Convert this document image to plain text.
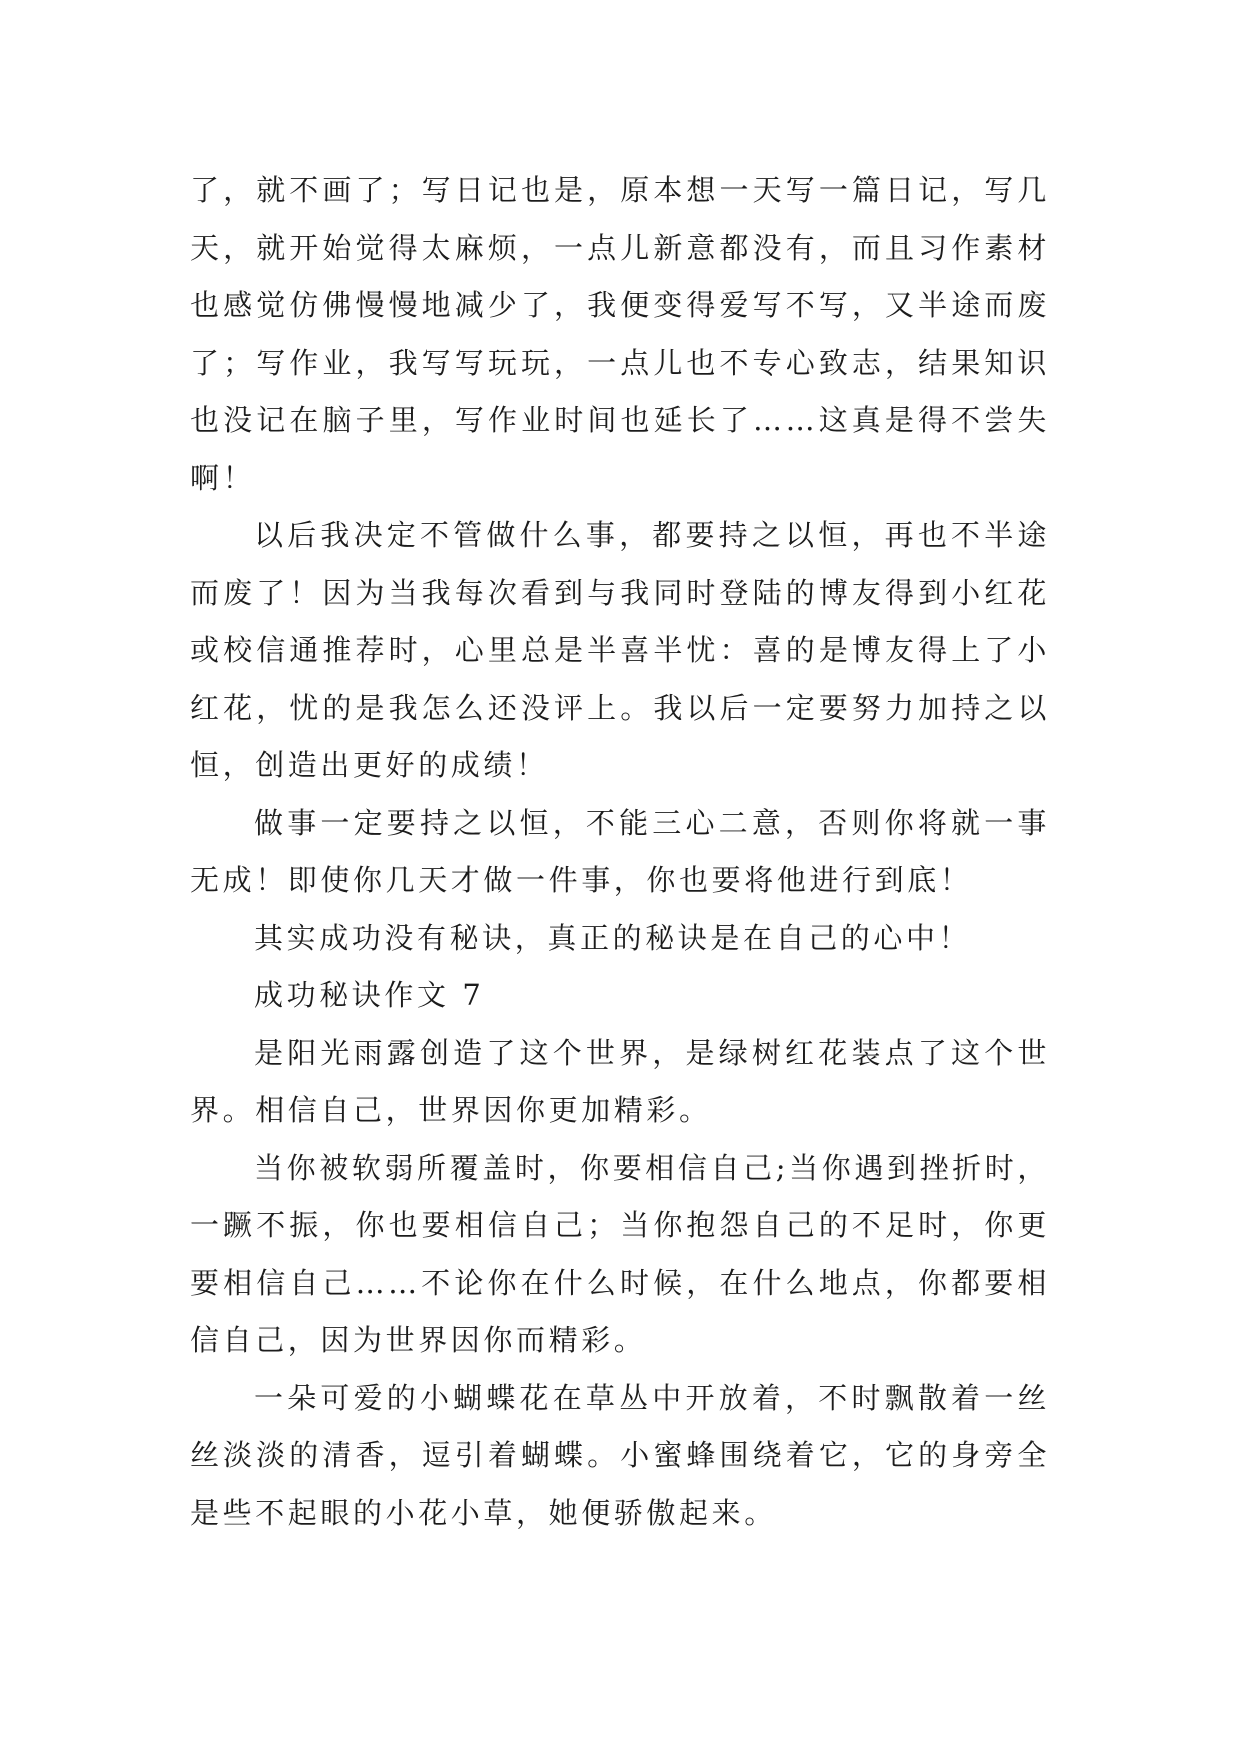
了，就不画了；写日记也是，原本想一天写一篇日记，写几天，就开始觉得太麻烦，一点儿新意都没有，而且习作素材也感觉仿佛慢慢地减少了，我便变得爱写不写，又半途而废了；写作业，我写写玩玩，一点儿也不专心致志，结果知识也没记在脑子里，写作业时间也延长了……这真是得不尝失啊！

以后我决定不管做什么事，都要持之以恒，再也不半途而废了！因为当我每次看到与我同时登陆的博友得到小红花或校信通推荐时，心里总是半喜半忧：喜的是博友得上了小红花，忧的是我怎么还没评上。我以后一定要努力加持之以恒，创造出更好的成绩！

做事一定要持之以恒，不能三心二意，否则你将就一事无成！即使你几天才做一件事，你也要将他进行到底！

其实成功没有秘诀，真正的秘诀是在自己的心中！

成功秘诀作文 7

是阳光雨露创造了这个世界，是绿树红花装点了这个世界。相信自己，世界因你更加精彩。

当你被软弱所覆盖时，你要相信自己;当你遇到挫折时，一蹶不振，你也要相信自己；当你抱怨自己的不足时，你更要相信自己……不论你在什么时候，在什么地点，你都要相信自己，因为世界因你而精彩。

一朵可爱的小蝴蝶花在草丛中开放着，不时飘散着一丝丝淡淡的清香，逗引着蝴蝶。小蜜蜂围绕着它，它的身旁全是些不起眼的小花小草，她便骄傲起来。
